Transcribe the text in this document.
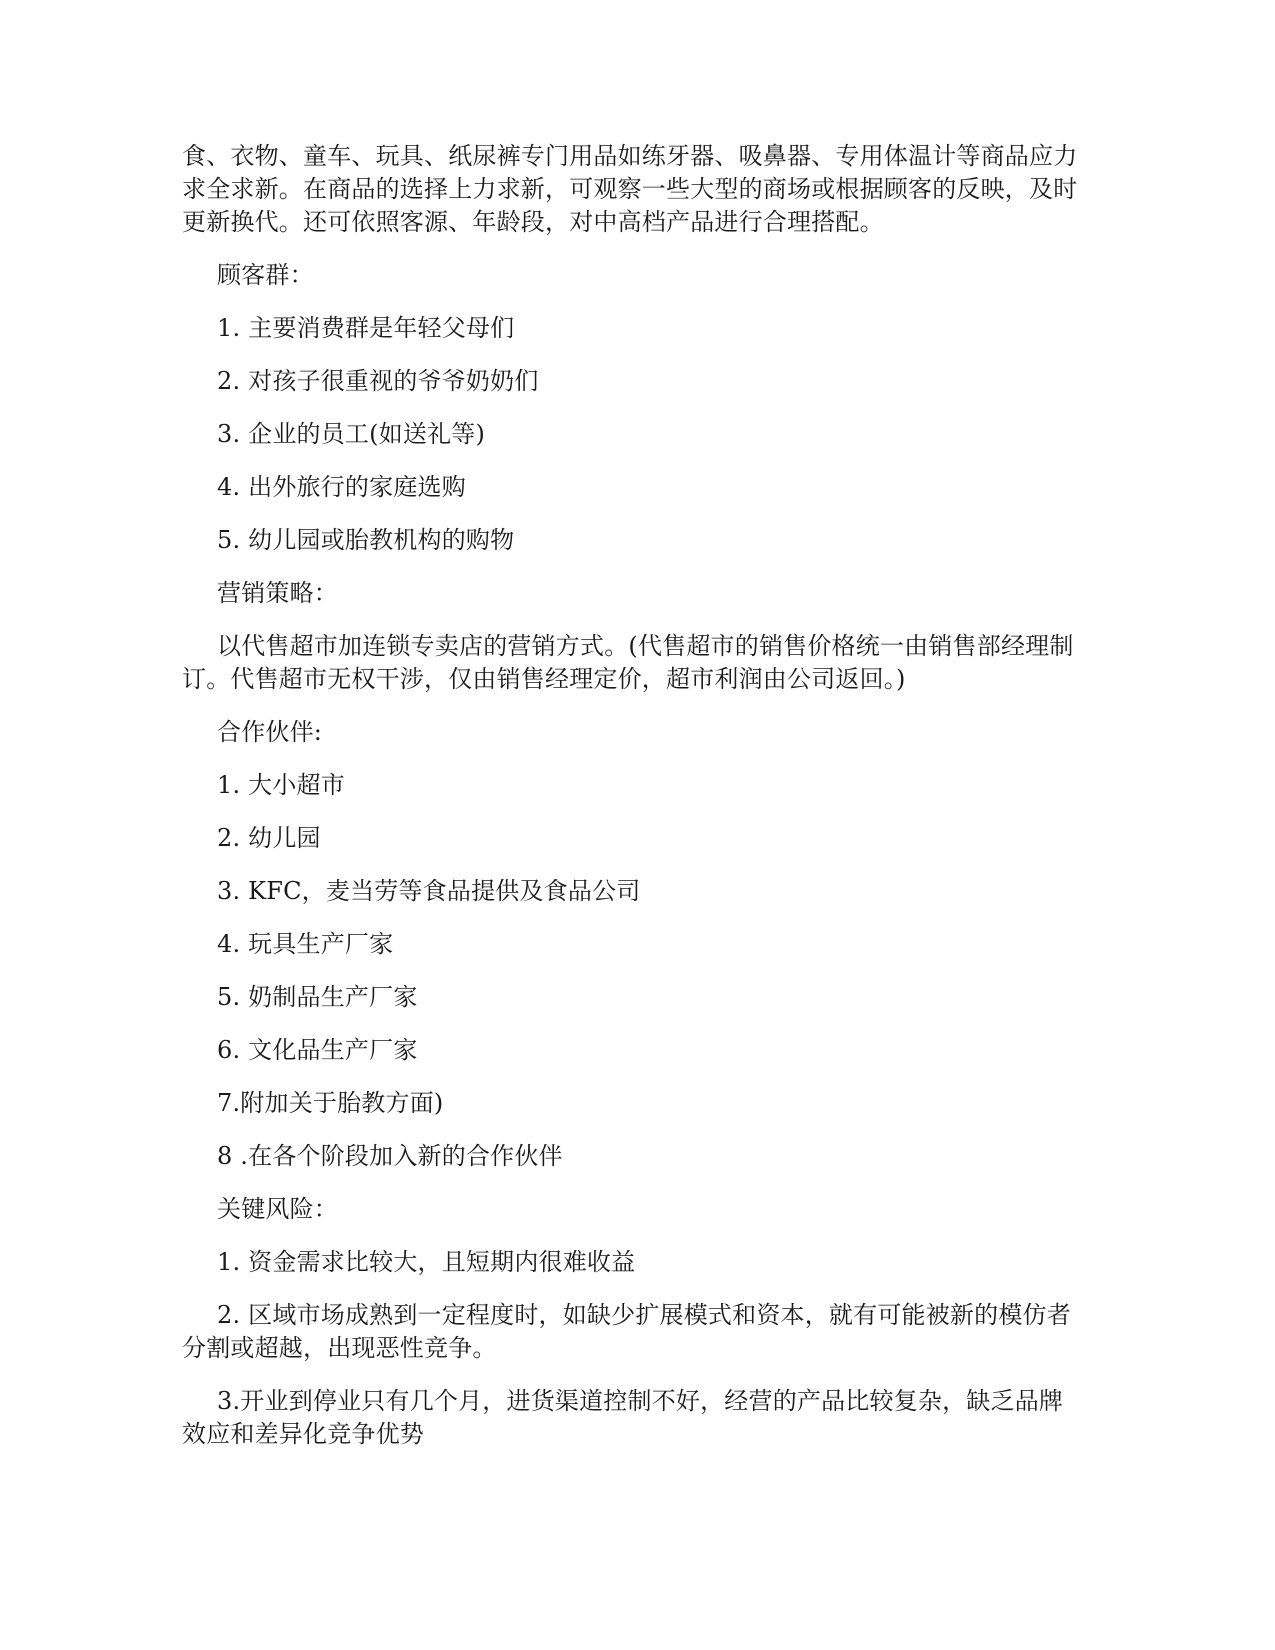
食、衣物、童车、玩具、纸尿裤专门用品如练牙器、吸鼻器、专用体温计等商品应力求全求新。在商品的选择上力求新，可观察一些大型的商场或根据顾客的反映，及时更新换代。还可依照客源、年龄段，对中高档产品进行合理搭配。

顾客群：

1. 主要消费群是年轻父母们

2. 对孩子很重视的爷爷奶奶们

3. 企业的员工(如送礼等)

4. 出外旅行的家庭选购

5. 幼儿园或胎教机构的购物

营销策略：

以代售超市加连锁专卖店的营销方式。(代售超市的销售价格统一由销售部经理制订。代售超市无权干涉，仅由销售经理定价，超市利润由公司返回。)

合作伙伴:

1. 大小超市

2. 幼儿园

3. KFC，麦当劳等食品提供及食品公司

4. 玩具生产厂家

5. 奶制品生产厂家

6. 文化品生产厂家

7.附加关于胎教方面)

8 .在各个阶段加入新的合作伙伴

关键风险：

1. 资金需求比较大，且短期内很难收益

2. 区域市场成熟到一定程度时，如缺少扩展模式和资本，就有可能被新的模仿者分割或超越，出现恶性竞争。

3.开业到停业只有几个月，进货渠道控制不好，经营的产品比较复杂，缺乏品牌效应和差异化竞争优势
